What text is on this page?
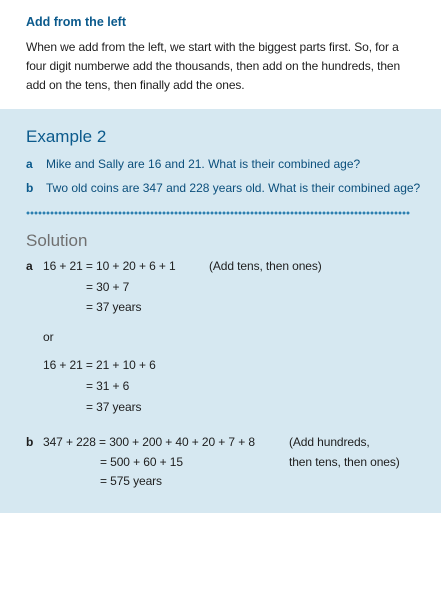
Add from the left
When we add from the left, we start with the biggest parts first. So, for a
four digit numberwe add the thousands, then add on the hundreds, then
add on the tens, then finally add the ones.
Example 2
a Mike and Sally are 16 and 21. What is their combined age?
b Two old coins are 347 and 228 years old. What is their combined age?
Solution
a 16 + 21 = 10 + 20 + 6 + 1	(Add tens, then ones)
= 30 + 7
= 37 years
or
16 + 21 = 21 + 10 + 6
= 31 + 6
= 37 years
b 347 + 228 = 300 + 200 + 40 + 20 + 7 + 8	(Add hundreds,
then tens, then ones)
= 500 + 60 + 15
= 575 years
